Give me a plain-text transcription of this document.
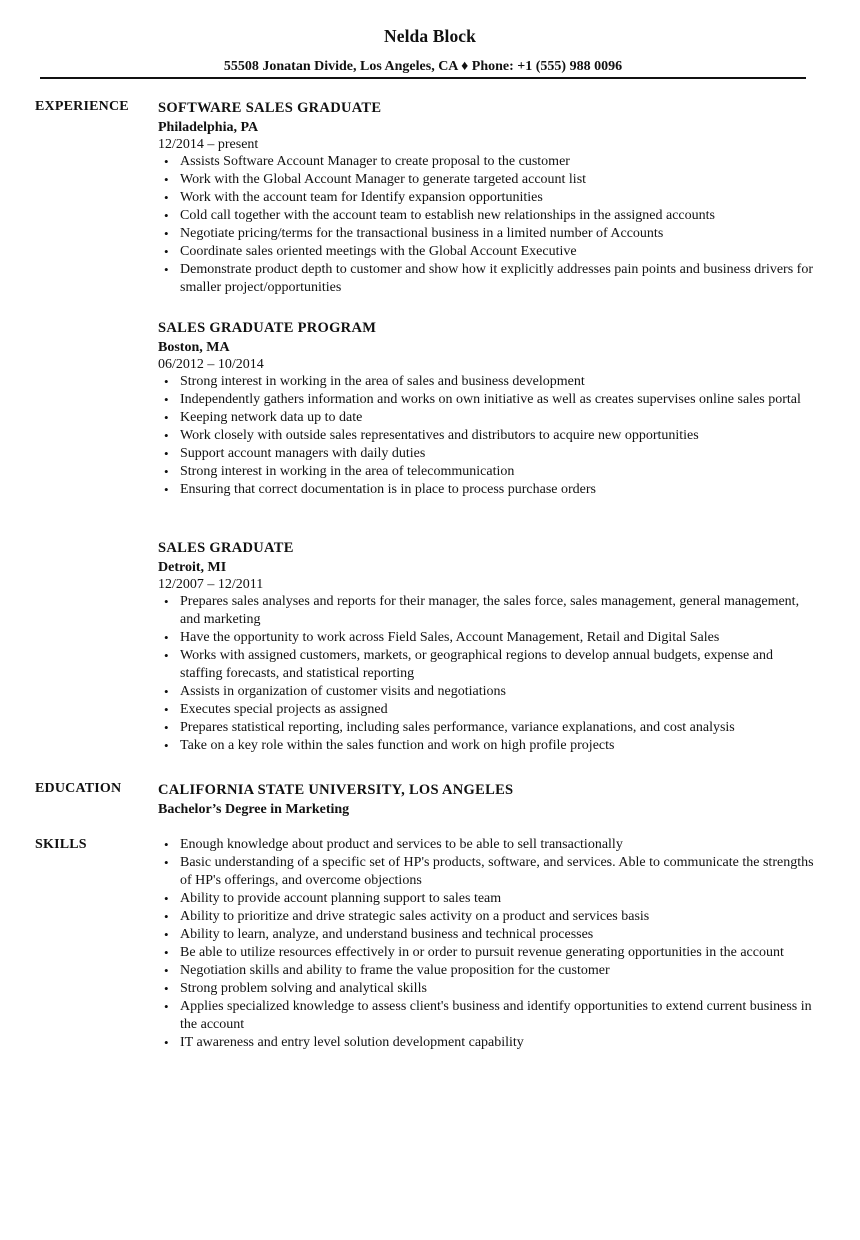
Nelda Block
55508 Jonatan Divide, Los Angeles, CA ♦ Phone: +1 (555) 988 0096
EXPERIENCE SOFTWARE SALES GRADUATE
Philadelphia, PA
12/2014 – present
• Assists Software Account Manager to create proposal to the customer
• Work with the Global Account Manager to generate targeted account list
• Work with the account team for Identify expansion opportunities
• Cold call together with the account team to establish new relationships in the assigned accounts
• Negotiate pricing/terms for the transactional business in a limited number of Accounts
• Coordinate sales oriented meetings with the Global Account Executive
• Demonstrate product depth to customer and show how it explicitly addresses pain points and business drivers for smaller project/opportunities
SALES GRADUATE PROGRAM
Boston, MA
06/2012 – 10/2014
• Strong interest in working in the area of sales and business development
• Independently gathers information and works on own initiative as well as creates supervises online sales portal
• Keeping network data up to date
• Work closely with outside sales representatives and distributors to acquire new opportunities
• Support account managers with daily duties
• Strong interest in working in the area of telecommunication
• Ensuring that correct documentation is in place to process purchase orders
SALES GRADUATE
Detroit, MI
12/2007 – 12/2011
• Prepares sales analyses and reports for their manager, the sales force, sales management, general management, and marketing
• Have the opportunity to work across Field Sales, Account Management, Retail and Digital Sales
• Works with assigned customers, markets, or geographical regions to develop annual budgets, expense and staffing forecasts, and statistical reporting
• Assists in organization of customer visits and negotiations
• Executes special projects as assigned
• Prepares statistical reporting, including sales performance, variance explanations, and cost analysis
• Take on a key role within the sales function and work on high profile projects
EDUCATION	CALIFORNIA STATE UNIVERSITY, LOS ANGELES
Bachelor’s Degree in Marketing
SKILLS
•	Enough knowledge about product and services to be able to sell transactionally
• Basic understanding of a specific set of HP's products, software, and services. Able to communicate the strengths of HP's offerings, and overcome objections
• Ability to provide account planning support to sales team
• Ability to prioritize and drive strategic sales activity on a product and services basis
• Ability to learn, analyze, and understand business and technical processes
• Be able to utilize resources effectively in or order to pursuit revenue generating opportunities in the account
• Negotiation skills and ability to frame the value proposition for the customer
• Strong problem solving and analytical skills
• Applies specialized knowledge to assess client's business and identify opportunities to extend current business in the account
• IT awareness and entry level solution development capability
